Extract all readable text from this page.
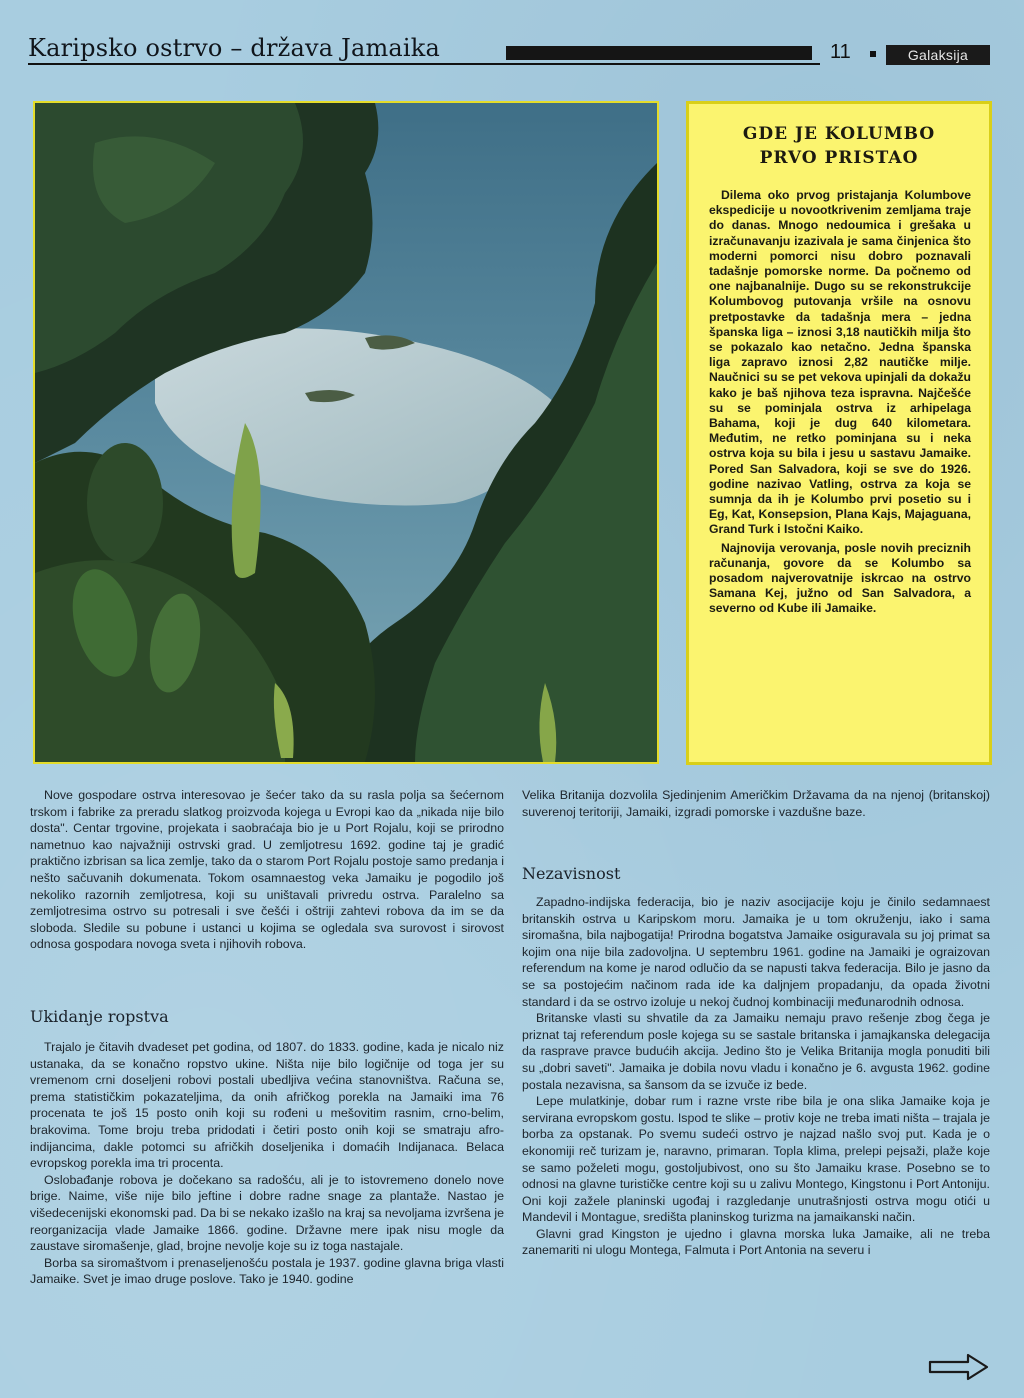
Karipsko ostrvo – država Jamaika	11	Galaksija
GDE JE KOLUMBO
PRVO PRISTAO

Dilema oko prvog pristajanja Kolumbove ekspedicije u novootkrivenim zemljama traje do danas. Mnogo nedoumica i grešaka u izračunavanju izazivala je sama činjenica što moderni pomorci nisu dobro poznavali tadašnje pomorske norme. Da počnemo od one najbanalnije. Dugo su se rekonstrukcije Kolumbovog putovanja vršile na osnovu pretpostavke da tadašnja mera – jedna španska liga – iznosi 3,18 nautičkih milja što se pokazalo kao netačno. Jedna španska liga zapravo iznosi 2,82 nautičke milje. Naučnici su se pet vekova upinjali da dokažu kako je baš njihova teza ispravna. Najčešće su se pominjala ostrva iz arhipelaga Bahama, koji je dug 640 kilometara. Međutim, ne retko pominjana su i neka ostrva koja su bila i jesu u sastavu Jamaike. Pored San Salvadora, koji se sve do 1926. godine nazivao Vatling, ostrva za koja se sumnja da ih je Kolumbo prvi posetio su i Eg, Kat, Konsepsion, Plana Kajs, Majaguana, Grand Turk i Istočni Kaiko.

Najnovija verovanja, posle novih preciznih računanja, govore da se Kolumbo sa posadom najverovatnije iskrcao na ostrvo Samana Kej, južno od San Salvadora, a severno od Kube ili Jamaike.

Nove gospodare ostrva interesovao je šećer tako da su rasla polja sa šećernom trskom i fabrike za preradu slatkog proizvoda kojega u Evropi kao da „nikada nije bilo dosta". Centar trgovine, projekata i saobraćaja bio je u Port Rojalu, koji se prirodno nametnuo kao najvažniji ostrvski grad. U zemljotresu 1692. godine taj je gradić praktično izbrisan sa lica zemlje, tako da o starom Port Rojalu postoje samo predanja i nešto sačuvanih dokumenata. Tokom osamnaestog veka Jamaiku je pogodilo još nekoliko razornih zemljotresa, koji su uništavali privredu ostrva. Paralelno sa zemljotresima ostrvo su potresali i sve češći i oštriji zahtevi robova da im se da sloboda. Sledile su pobune i ustanci u kojima se ogledala sva surovost i sirovost odnosa gospodara novoga sveta i njihovih robova.

Ukidanje ropstva

Trajalo je čitavih dvadeset pet godina, od 1807. do 1833. godine, kada je nicalo niz ustanaka, da se konačno ropstvo ukine. Ništa nije bilo logičnije od toga jer su vremenom crni doseljeni robovi postali ubedljiva većina stanovništva. Računa se, prema statističkim pokazateljima, da onih afričkog porekla na Jamaiki ima 76 procenata te još 15 posto onih koji su rođeni u mešovitim rasnim, crno-belim, brakovima. Tome broju treba pridodati i četiri posto onih koji se smatraju afro-indijancima, dakle potomci su afričkih doseljenika i domaćih Indijanaca. Belaca evropskog porekla ima tri procenta.

Oslobađanje robova je dočekano sa radošću, ali je to istovremeno donelo nove brige. Naime, više nije bilo jeftine i dobre radne snage za plantaže. Nastao je višedecenijski ekonomski pad. Da bi se nekako izašlo na kraj sa nevoljama izvršena je reorganizacija vlade Jamaike 1866. godine. Državne mere ipak nisu mogle da zaustave siromašenje, glad, brojne nevolje koje su iz toga nastajale.

Borba sa siromaštvom i prenaseljenošću postala je 1937. godine glavna briga vlasti Jamaike. Svet je imao druge poslove. Tako je 1940. godine

Velika Britanija dozvolila Sjedinjenim Američkim Državama da na njenoj (britanskoj) suverenoj teritoriji, Jamaiki, izgradi pomorske i vazdušne baze.

Nezavisnost

Zapadno-indijska federacija, bio je naziv asocijacije koju je činilo sedamnaest britanskih ostrva u Karipskom moru. Jamaika je u tom okruženju, iako i sama siromašna, bila najbogatija! Prirodna bogatstva Jamaike osiguravala su joj primat sa kojim ona nije bila zadovoljna. U septembru 1961. godine na Jamaiki je ograizovan referendum na kome je narod odlučio da se napusti takva federacija. Bilo je jasno da se sa postojećim načinom rada ide ka daljnjem propadanju, da opada životni standard i da se ostrvo izoluje u nekoj čudnoj kombinaciji međunarodnih odnosa.

Britanske vlasti su shvatile da za Jamaiku nemaju pravo rešenje zbog čega je priznat taj referendum posle kojega su se sastale britanska i jamajkanska delegacija da raspravе pravce budućih akcija. Jedino što je Velika Britanija mogla ponuditi bili su „dobri saveti". Jamaika je dobila novu vladu i konačno je 6. avgusta 1962. godine postala nezavisna, sa šansom da se izvuče iz bede.

Lepe mulatkinje, dobar rum i razne vrste ribe bila je ona slika Jamaike koja je servirana evropskom gostu. Ispod te slike – protiv koje ne treba imati ništa – trajala je borba za opstanak. Po svemu sudeći ostrvo je najzad našlo svoj put. Kada je o ekonomiji reč turizam je, naravno, primaran. Topla klima, prelepi pejsaži, plaže koje se samo poželeti mogu, gostoljubivost, ono su što Jamaiku krase. Posebno se to odnosi na glavne turističke centre koji su u zalivu Montego, Kingstonu i Port Antoniju. Oni koji zažele planinski ugođaj i razgledanje unutrašnjosti ostrva mogu otići u Mandevil i Montague, središta planinskog turizma na jamaikanski način.

Glavni grad Kingston je ujedno i glavna morska luka Jamaike, ali ne treba zanemariti ni ulogu Montega, Falmuta i Port Antonia na severu i
